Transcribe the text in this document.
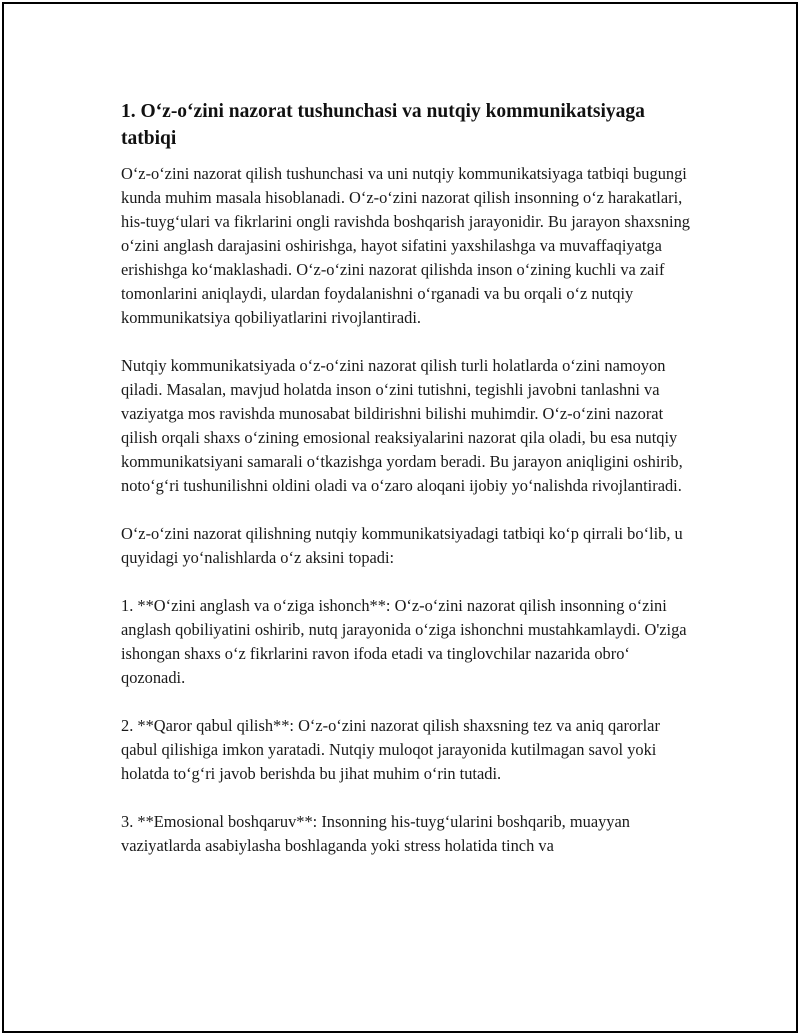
1. O‘z-o‘zini nazorat tushunchasi va nutqiy kommunikatsiyaga tatbiqi

O‘z-o‘zini nazorat qilish tushunchasi va uni nutqiy kommunikatsiyaga tatbiqi bugungi kunda muhim masala hisoblanadi. O‘z-o‘zini nazorat qilish insonning o‘z harakatlari, his-tuyg‘ulari va fikrlarini ongli ravishda boshqarish jarayonidir. Bu jarayon shaxsning o‘zini anglash darajasini oshirishga, hayot sifatini yaxshilashga va muvaffaqiyatga erishishga ko‘maklashadi. O‘z-o‘zini nazorat qilishda inson o‘zining kuchli va zaif tomonlarini aniqlaydi, ulardan foydalanishni o‘rganadi va bu orqali o‘z nutqiy kommunikatsiya qobiliyatlarini rivojlantiradi.

Nutqiy kommunikatsiyada o‘z-o‘zini nazorat qilish turli holatlarda o‘zini namoyon qiladi. Masalan, mavjud holatda inson o‘zini tutishni, tegishli javobni tanlashni va vaziyatga mos ravishda munosabat bildirishni bilishi muhimdir. O‘z-o‘zini nazorat qilish orqali shaxs o‘zining emosional reaksiyalarini nazorat qila oladi, bu esa nutqiy kommunikatsiyani samarali o‘tkazishga yordam beradi. Bu jarayon aniqligini oshirib, noto‘g‘ri tushunilishni oldini oladi va o‘zaro aloqani ijobiy yo‘nalishda rivojlantiradi.

O‘z-o‘zini nazorat qilishning nutqiy kommunikatsiyadagi tatbiqi ko‘p qirrali bo‘lib, u quyidagi yo‘nalishlarda o‘z aksini topadi:

1. **O‘zini anglash va o‘ziga ishonch**: O‘z-o‘zini nazorat qilish insonning o‘zini anglash qobiliyatini oshirib, nutq jarayonida o‘ziga ishonchni mustahkamlaydi. O'ziga ishongan shaxs o‘z fikrlarini ravon ifoda etadi va tinglovchilar nazarida obro‘ qozonadi.

2. **Qaror qabul qilish**: O‘z-o‘zini nazorat qilish shaxsning tez va aniq qarorlar qabul qilishiga imkon yaratadi. Nutqiy muloqot jarayonida kutilmagan savol yoki holatda to‘g‘ri javob berishda bu jihat muhim o‘rin tutadi.

3. **Emosional boshqaruv**: Insonning his-tuyg‘ularini boshqarib, muayyan vaziyatlarda asabiylasha boshlaganda yoki stress holatida tinch va
